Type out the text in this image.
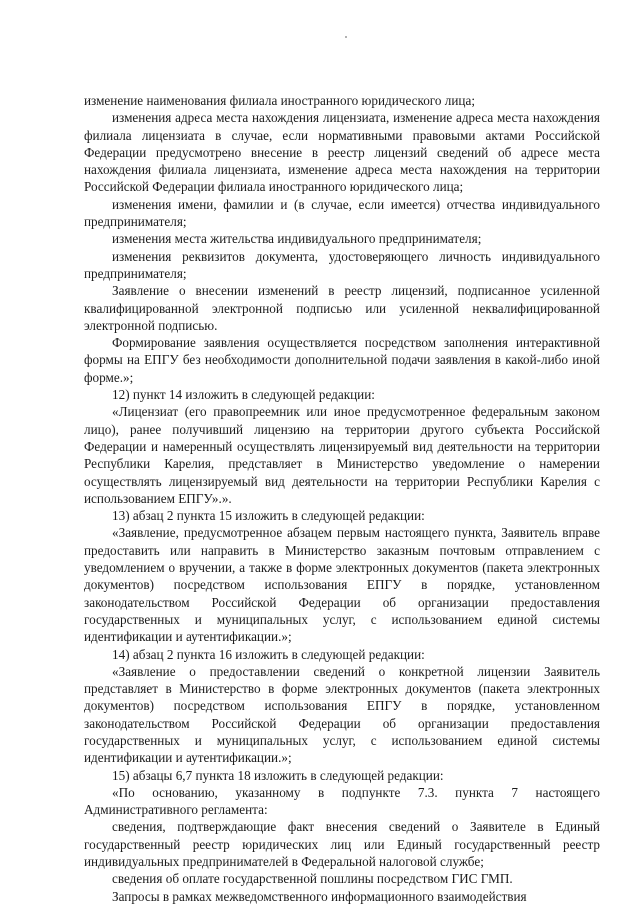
изменение наименования филиала иностранного юридического лица;

изменения адреса места нахождения лицензиата, изменение адреса места нахождения филиала лицензиата в случае, если нормативными правовыми актами Российской Федерации предусмотрено внесение в реестр лицензий сведений об адресе места нахождения филиала лицензиата, изменение адреса места нахождения на территории Российской Федерации филиала иностранного юридического лица;

изменения имени, фамилии и (в случае, если имеется) отчества индивидуального предпринимателя;

изменения места жительства индивидуального предпринимателя;

изменения реквизитов документа, удостоверяющего личность индивидуального предпринимателя;

Заявление о внесении изменений в реестр лицензий, подписанное усиленной квалифицированной электронной подписью или усиленной неквалифицированной электронной подписью.

Формирование заявления осуществляется посредством заполнения интерактивной формы на ЕПГУ без необходимости дополнительной подачи заявления в какой-либо иной форме.»;

12) пункт 14 изложить в следующей редакции:

«Лицензиат (его правопреемник или иное предусмотренное федеральным законом лицо), ранее получивший лицензию на территории другого субъекта Российской Федерации и намеренный осуществлять лицензируемый вид деятельности на территории Республики Карелия, представляет в Министерство уведомление о намерении осуществлять лицензируемый вид деятельности на территории Республики Карелия с использованием ЕПГУ».».

13) абзац 2 пункта 15 изложить в следующей редакции:

«Заявление, предусмотренное абзацем первым настоящего пункта, Заявитель вправе предоставить или направить в Министерство заказным почтовым отправлением с уведомлением о вручении, а также в форме электронных документов (пакета электронных документов) посредством использования ЕПГУ в порядке, установленном законодательством Российской Федерации об организации предоставления государственных и муниципальных услуг, с использованием единой системы идентификации и аутентификации.»;

14) абзац 2 пункта 16 изложить в следующей редакции:

«Заявление о предоставлении сведений о конкретной лицензии Заявитель представляет в Министерство в форме электронных документов (пакета электронных документов) посредством использования ЕПГУ в порядке, установленном законодательством Российской Федерации об организации предоставления государственных и муниципальных услуг, с использованием единой системы идентификации и аутентификации.»;

15) абзацы 6,7 пункта 18 изложить в следующей редакции:

«По основанию, указанному в подпункте 7.3. пункта 7 настоящего Административного регламента:

сведения, подтверждающие факт внесения сведений о Заявителе в Единый государственный реестр юридических лиц или Единый государственный реестр индивидуальных предпринимателей в Федеральной налоговой службе;

сведения об оплате государственной пошлины посредством ГИС ГМП.

Запросы в рамках межведомственного информационного взаимодействия
